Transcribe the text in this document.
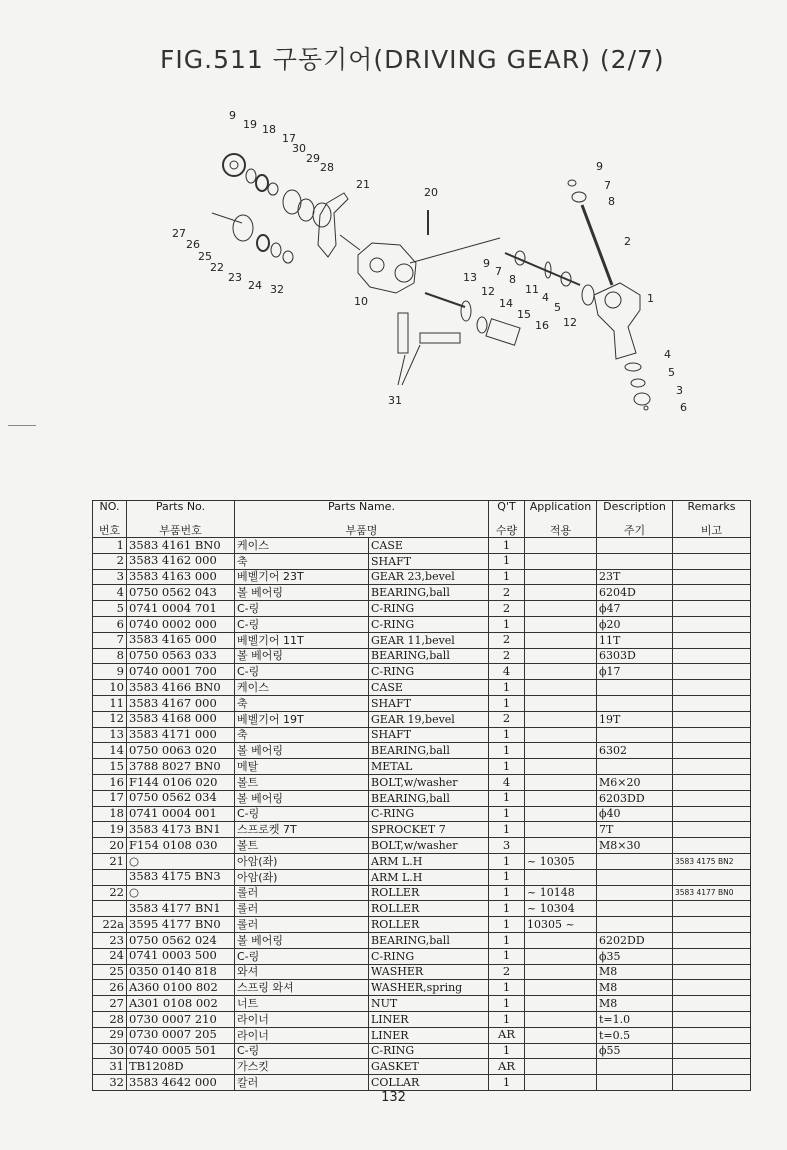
FIG.511 구동기어(DRIVING GEAR) (2/7)
9
19 18
17
30
29
28
21
20
27
26
25
22
23
24 32
10
13
12
14
15
16
31
9
7
8
11
4
5
12
1
2
9
7
8
4
5
3
6
NO.	Parts No.	Parts Name.		Q'T	Application	Description	Remarks
번호	부품번호	부품명		수량	적용	주기	비고
1	3583 4161 BN0	케이스	CASE	1			
2	3583 4162 000	축	SHAFT	1			
3	3583 4163 000	베벨기어 23T	GEAR 23,bevel	1		23T	
4	0750 0562 043	볼 베어링	BEARING,ball	2		6204D	
5	0741 0004 701	C-링	C-RING	2		ϕ47	
6	0740 0002 000	C-링	C-RING	1		ϕ20	
7	3583 4165 000	베벨기어 11T	GEAR 11,bevel	2		11T	
8	0750 0563 033	볼 베어링	BEARING,ball	2		6303D	
9	0740 0001 700	C-링	C-RING	4		ϕ17	
10	3583 4166 BN0	케이스	CASE	1			
11	3583 4167 000	축	SHAFT	1			
12	3583 4168 000	베벨기어 19T	GEAR 19,bevel	2		19T	
13	3583 4171 000	축	SHAFT	1			
14	0750 0063 020	볼 베어링	BEARING,ball	1		6302	
15	3788 8027 BN0	메탈	METAL	1			
16	F144 0106 020	볼트	BOLT,w/washer	4		M6×20	
17	0750 0562 034	볼 베어링	BEARING,ball	1		6203DD	
18	0741 0004 001	C-링	C-RING	1		ϕ40	
19	3583 4173 BN1	스프로켓 7T	SPROCKET 7	1		7T	
20	F154 0108 030	볼트	BOLT,w/washer	3		M8×30	
21	○	아암(좌)	ARM L.H	1	~ 10305		3583 4175 BN2
	3583 4175 BN3	아암(좌)	ARM L.H	1			
22	○	롤러	ROLLER	1	~ 10148		3583 4177 BN0
	3583 4177 BN1	롤러	ROLLER	1	~ 10304		
22a	3595 4177 BN0	롤러	ROLLER	1	10305 ~		
23	0750 0562 024	볼 베어링	BEARING,ball	1		6202DD	
24	0741 0003 500	C-링	C-RING	1		ϕ35	
25	0350 0140 818	와셔	WASHER	2		M8	
26	A360 0100 802	스프링 와셔	WASHER,spring	1		M8	
27	A301 0108 002	너트	NUT	1		M8	
28	0730 0007 210	라이너	LINER	1		t=1.0	
29	0730 0007 205	라이너	LINER	AR		t=0.5	
30	0740 0005 501	C-링	C-RING	1		ϕ55	
31	TB1208D	가스킷	GASKET	AR			
32	3583 4642 000	칼러	COLLAR	1			
132
